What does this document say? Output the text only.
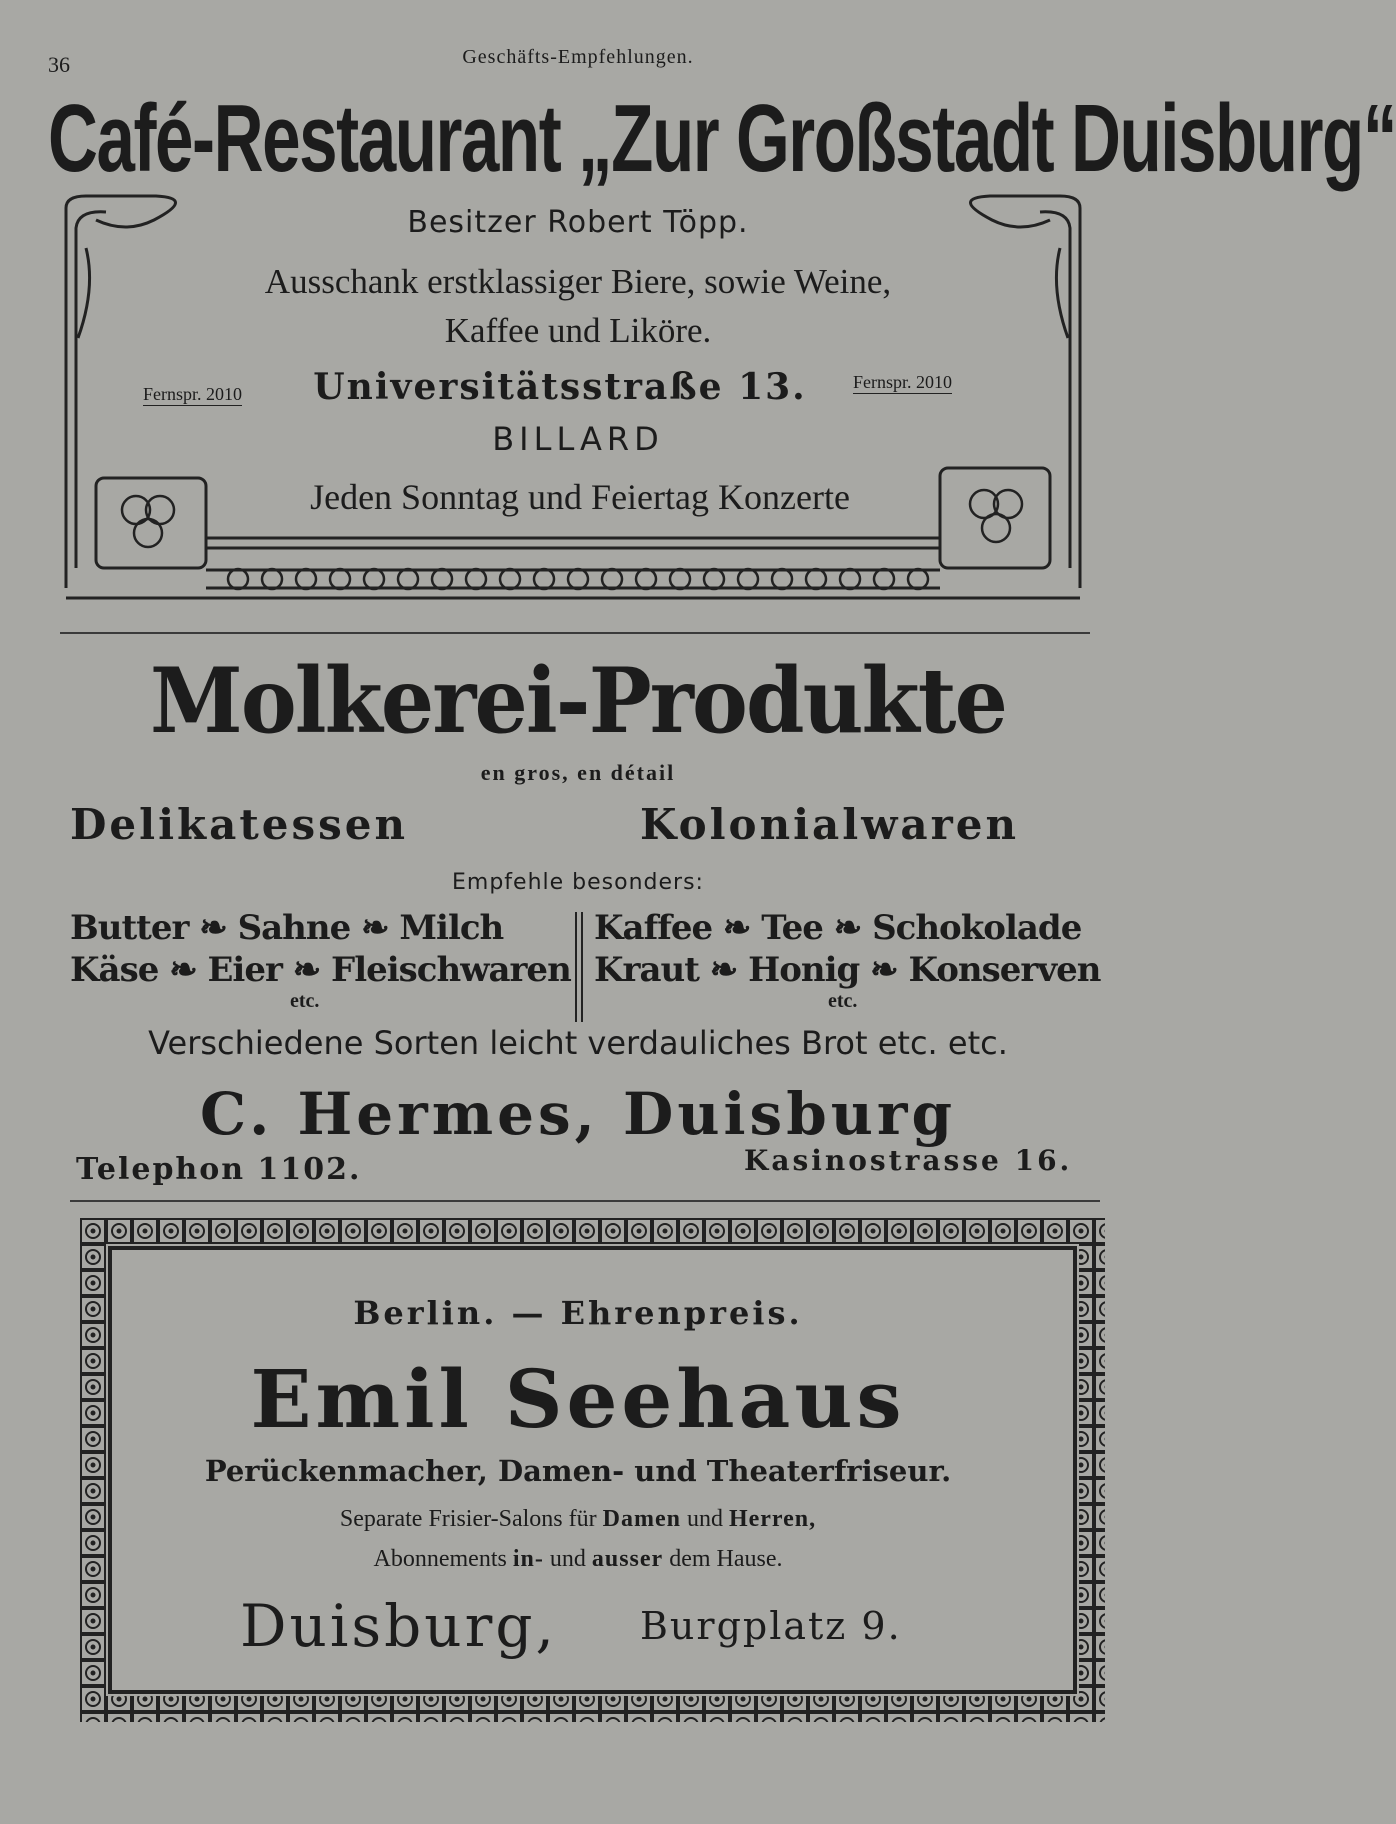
36	Geschäfts-Empfehlungen.
Café-Restaurant „Zur Großstadt Duisburg“
Besitzer Robert Töpp.
Ausschank erstklassiger Biere, sowie Weine,
Kaffee und Liköre.
Fernspr. 2010	Universitätsstraße 13.	Fernspr. 2010
BILLARD
Jeden Sonntag und Feiertag Konzerte
Molkerei-Produkte
en gros, en détail
Delikatessen	Kolonialwaren
Empfehle besonders:
Butter ❧ Sahne ❧ Milch
Käse ❧ Eier ❧ Fleischwaren
Kaffee ❧ Tee ❧ Schokolade
Kraut ❧ Honig ❧ Konserven
etc.	etc.
Verschiedene Sorten leicht verdauliches Brot etc. etc.
C. Hermes, Duisburg
Telephon 1102.	Kasinostrasse 16.
Berlin. — Ehrenpreis.
Emil Seehaus
Perückenmacher, Damen- und Theaterfriseur.
Separate Frisier-Salons für Damen und Herren,
Abonnements in- und ausser dem Hause.
Duisburg, Burgplatz 9.
